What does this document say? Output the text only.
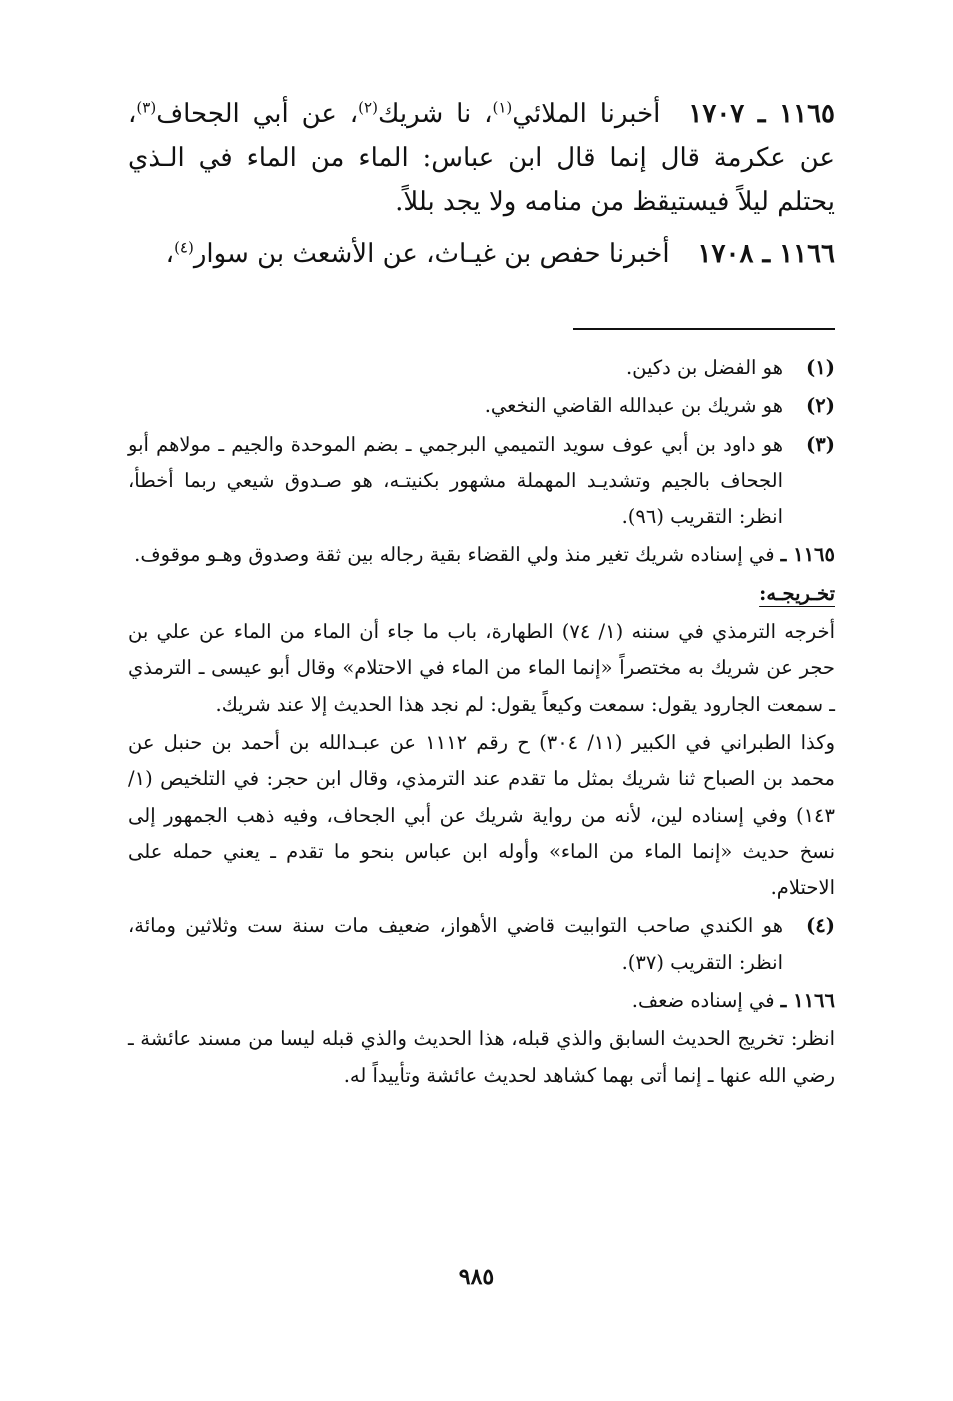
١١٦٥ ـ ١٧٠٧أخبرنا الملائي$^{(١)}$، نا شريك$^{(٢)}$، عن أبي الجحاف$^{(٣)}$، عن عكرمة قال إنما قال ابن عباس: الماء من الماء في الـذي يحتلم ليلاً فيستيقظ من منامه ولا يجد بللاً.

١١٦٦ ـ ١٧٠٨أخبرنا حفص بن غيـاث، عن الأشعث بن سوار$^{(٤)}$،

(١)
هو الفضل بن دكين.
(٢)
هو شريك بن عبدالله القاضي النخعي.
(٣)
هو داود بن أبي عوف سويد التميمي البرجمي ـ بضم الموحدة والجيم ـ مولاهم أبو الجحاف بالجيم وتشديـد المهملة مشهور بكنيتـه، هو صـدوق شيعي ربما أخطأ، انظر: التقريب (٩٦).
١١٦٥ ـ
في إسناده شريك تغير منذ ولي القضاء بقية رجاله بين ثقة وصدوق وهـو موقوف.
تخـريجـه:
أخرجه الترمذي في سننه (١/ ٧٤) الطهارة، باب ما جاء أن الماء من الماء عن علي بن حجر عن شريك به مختصراً «إنما الماء من الماء في الاحتلام» وقال أبو عيسى ـ الترمذي ـ سمعت الجارود يقول: سمعت وكيعاً يقول: لم نجد هذا الحديث إلا عند شريك.
وكذا الطبراني في الكبير (١١/ ٣٠٤) ح رقم ١١١٢ عن عبـدالله بن أحمد بن حنبل عن محمد بن الصباح ثنا شريك بمثل ما تقدم عند الترمذي، وقال ابن حجر: في التلخيص (١/ ١٤٣) وفي إسناده لين، لأنه من رواية شريك عن أبي الجحاف، وفيه ذهب الجمهور إلى نسخ حديث «إنما الماء من الماء» وأوله ابن عباس بنحو ما تقدم ـ يعني حمله على الاحتلام.
(٤)
هو الكندي صاحب التوابيت قاضي الأهواز، ضعيف مات سنة ست وثلاثين ومائة، انظر: التقريب (٣٧).
١١٦٦ ـ
في إسناده ضعف.
انظر: تخريج الحديث السابق والذي قبله، هذا الحديث والذي قبله ليسا من مسند عائشة ـ رضي الله عنها ـ إنما أتى بهما كشاهد لحديث عائشة وتأييداً له.
٩٨٥
